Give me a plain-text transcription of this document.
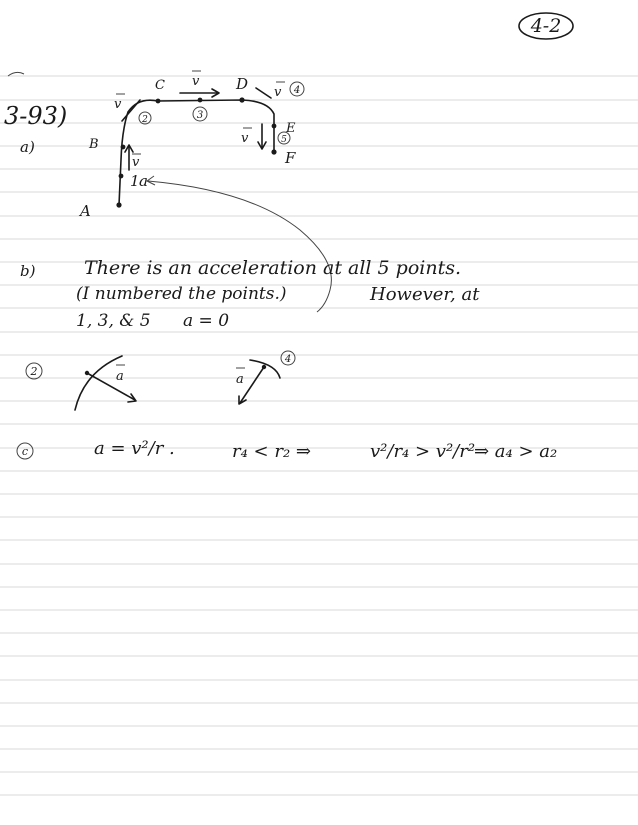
4-2
3-93)
a)
A
B
C	D
E
F
v
v
v
v
v
2	3
4
5
1 a
b)
2	a	a
4
c
There is an acceleration at all 5 points.
(I numbered the points.)	However, at
1, 3, & 5      a = 0
a = v²/r .	r₄ < r₂ ⇒	v²/r₄ > v²/r²
⇒ a₄ > a₂
